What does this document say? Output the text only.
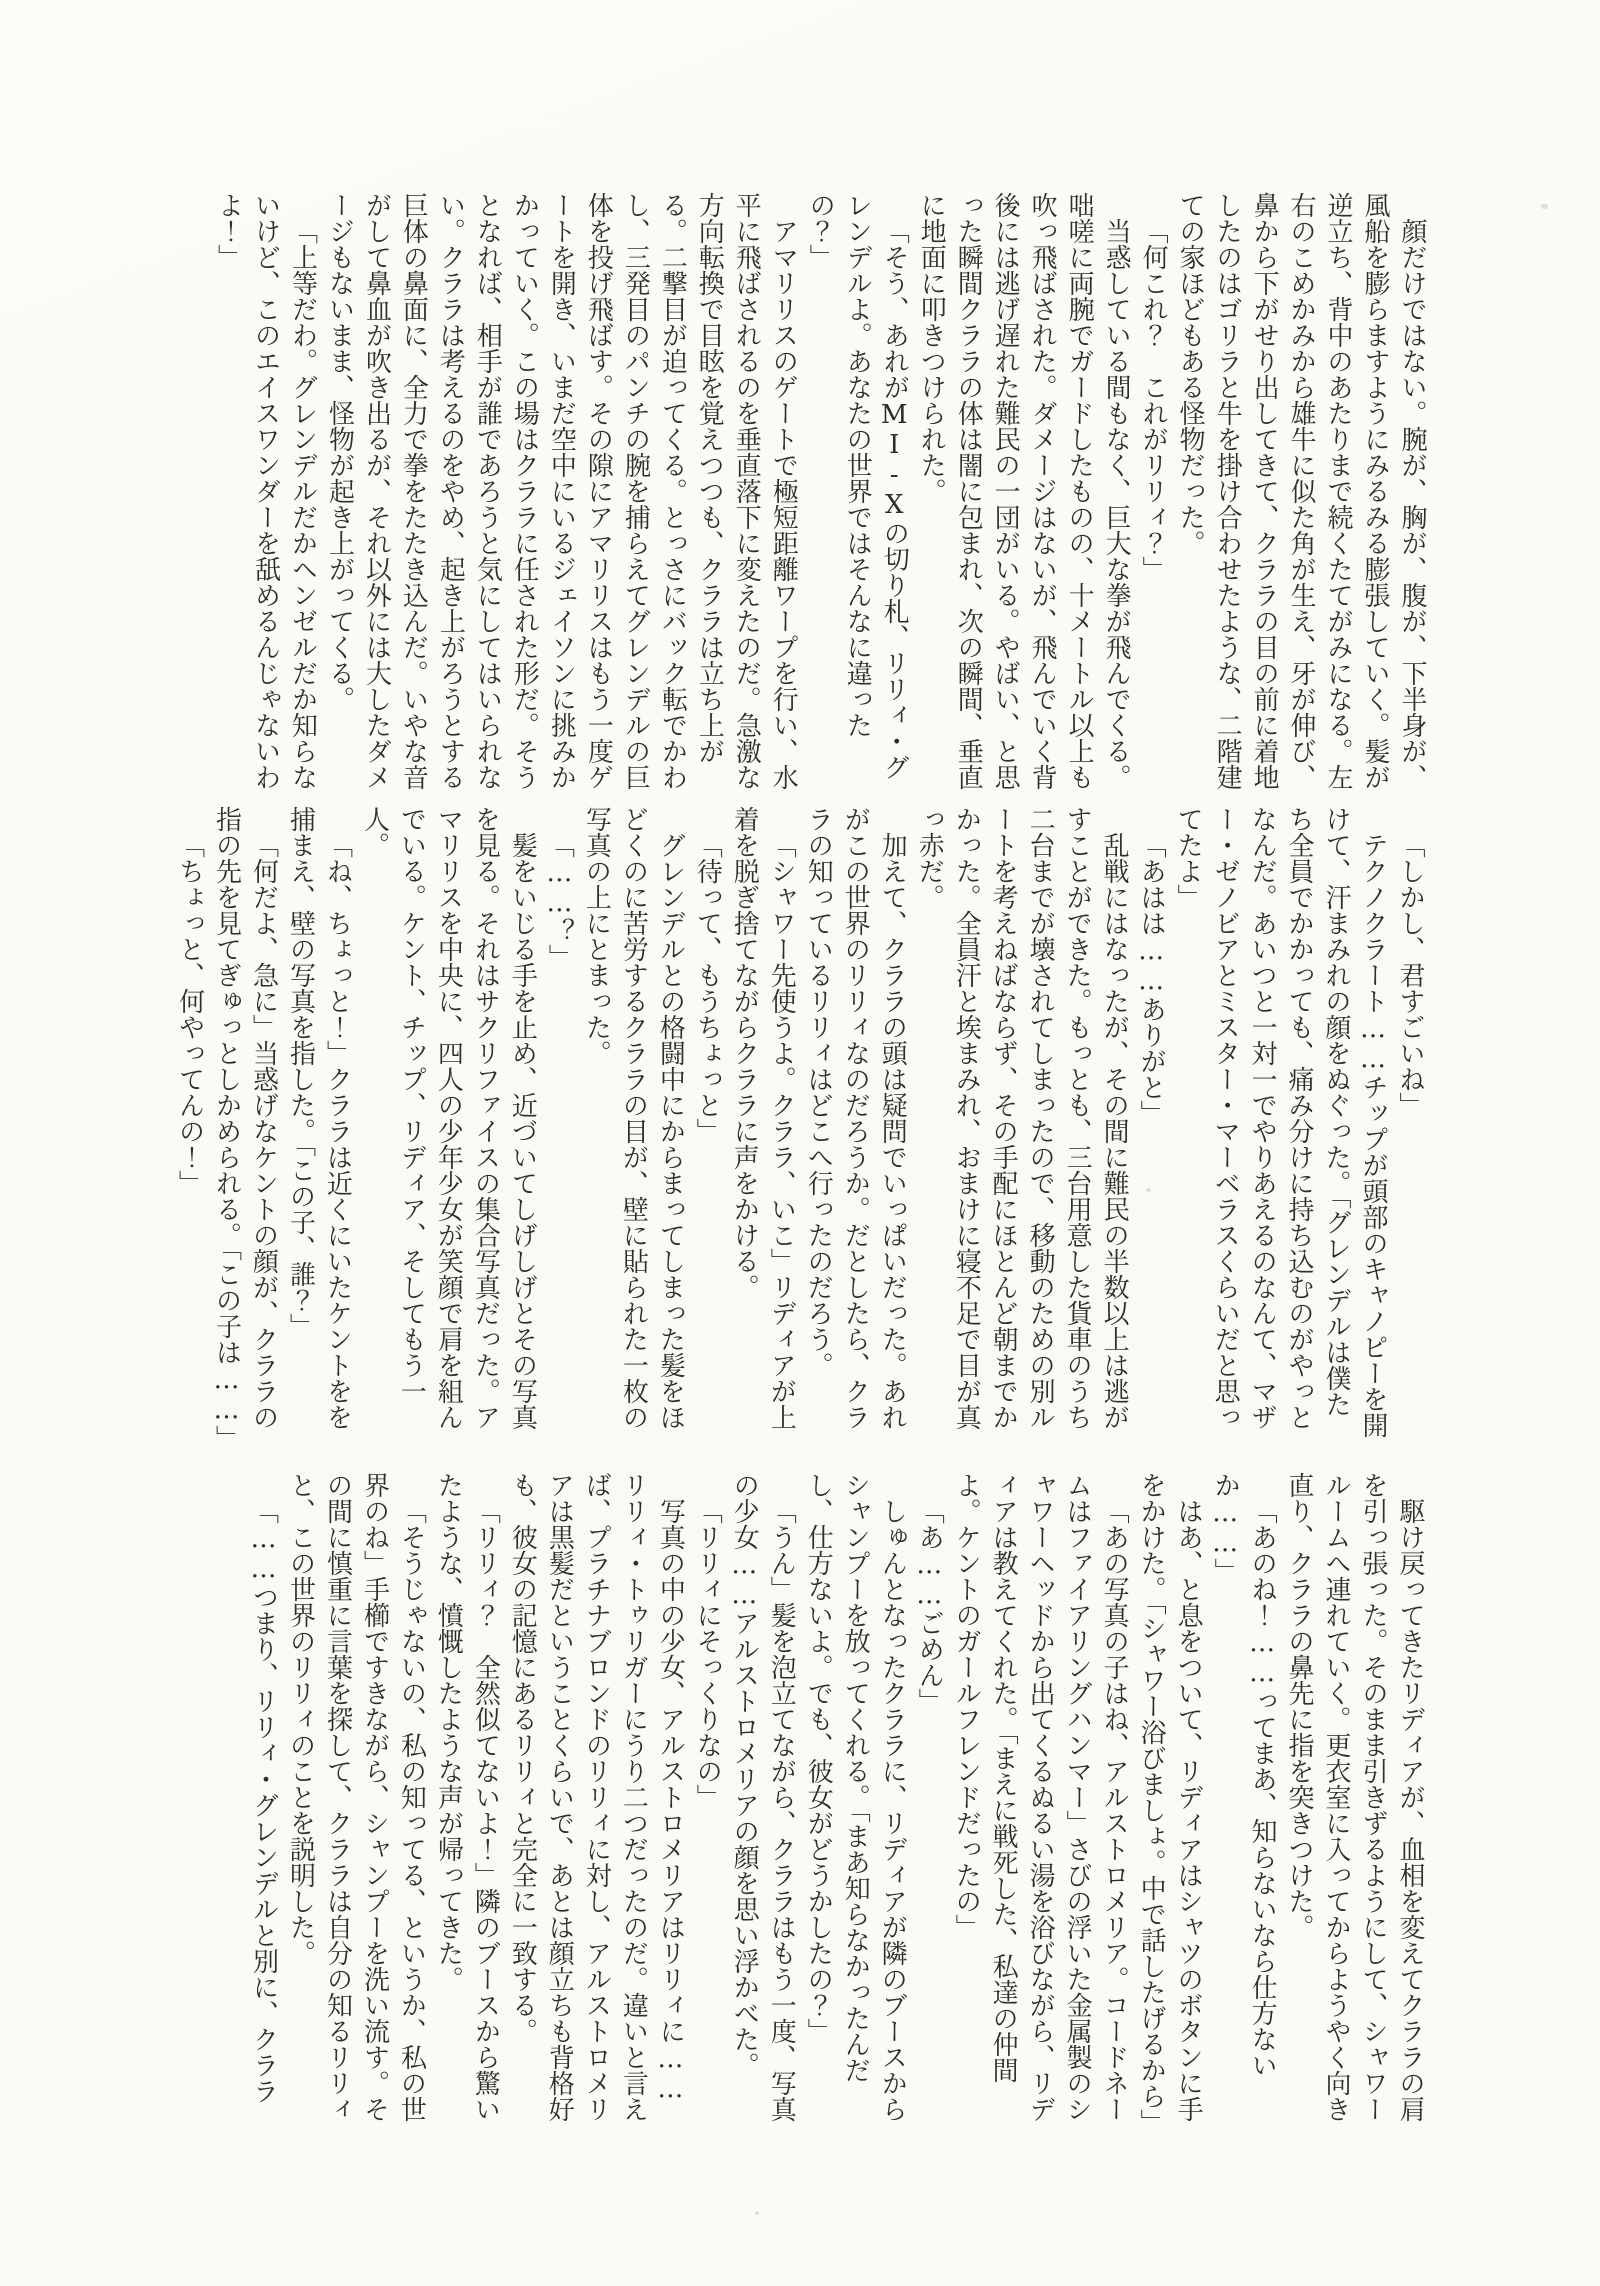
顔だけではない。腕が、胸が、腹が、下半身が、風船を膨らますようにみるみる膨張していく。髪が逆立ち、背中のあたりまで続くたてがみになる。左右のこめかみから雄牛に似た角が生え、牙が伸び、鼻から下がせり出してきて、クララの目の前に着地したのはゴリラと牛を掛け合わせたような、二階建ての家ほどもある怪物だった。

「何これ？　これがリリィ？」

当惑している間もなく、巨大な拳が飛んでくる。咄嗟に両腕でガードしたものの、十メートル以上も吹っ飛ばされた。ダメージはないが、飛んでいく背後には逃げ遅れた難民の一団がいる。やばい、と思った瞬間クララの体は闇に包まれ、次の瞬間、垂直に地面に叩きつけられた。

「そう、あれがMI‐Xの切り札、リリィ・グレンデルよ。あなたの世界ではそんなに違ったの？」

アマリリスのゲートで極短距離ワープを行い、水平に飛ばされるのを垂直落下に変えたのだ。急激な方向転換で目眩を覚えつつも、クララは立ち上がる。二撃目が迫ってくる。とっさにバック転でかわし、三発目のパンチの腕を捕らえてグレンデルの巨体を投げ飛ばす。その隙にアマリリスはもう一度ゲートを開き、いまだ空中にいるジェイソンに挑みかかっていく。この場はクララに任された形だ。そうとなれば、相手が誰であろうと気にしてはいられない。クララは考えるのをやめ、起き上がろうとする巨体の鼻面に、全力で拳をたたき込んだ。いやな音がして鼻血が吹き出るが、それ以外には大したダメージもないまま、怪物が起き上がってくる。

「上等だわ。グレンデルだかヘンゼルだか知らないけど、このエイスワンダーを舐めるんじゃないわよ！」

「しかし、君すごいね」

テクノクラート……チップが頭部のキャノピーを開けて、汗まみれの顔をぬぐった。「グレンデルは僕たち全員でかかっても、痛み分けに持ち込むのがやっとなんだ。あいつと一対一でやりあえるのなんて、マザー・ゼノビアとミスター・マーベラスくらいだと思ってたよ」

「あはは……ありがと」

乱戦にはなったが、その間に難民の半数以上は逃がすことができた。もっとも、三台用意した貨車のうち二台までが壊されてしまったので、移動のための別ルートを考えねばならず、その手配にほとんど朝までかかった。全員汗と埃まみれ、おまけに寝不足で目が真っ赤だ。

加えて、クララの頭は疑問でいっぱいだった。あれがこの世界のリリィなのだろうか。だとしたら、クララの知っているリリィはどこへ行ったのだろう。

「シャワー先使うよ。クララ、いこ」リディアが上着を脱ぎ捨てながらクララに声をかける。

「待って、もうちょっと」

グレンデルとの格闘中にからまってしまった髪をほどくのに苦労するクララの目が、壁に貼られた一枚の写真の上にとまった。

「……？」

髪をいじる手を止め、近づいてしげしげとその写真を見る。それはサクリファイスの集合写真だった。アマリリスを中央に、四人の少年少女が笑顔で肩を組んでいる。ケント、チップ、リディア、そしてもう一人。

「ね、ちょっと！」クララは近くにいたケントをを捕まえ、壁の写真を指した。「この子、誰？」

「何だよ、急に」当惑げなケントの顔が、クララの指の先を見てぎゅっとしかめられる。「この子は……」

「ちょっと、何やってんの！」

駆け戻ってきたリディアが、血相を変えてクララの肩を引っ張った。そのまま引きずるようにして、シャワールームへ連れていく。更衣室に入ってからようやく向き直り、クララの鼻先に指を突きつけた。

「あのね！……ってまあ、知らないなら仕方ないか……」

はあ、と息をついて、リディアはシャツのボタンに手をかけた。「シャワー浴びましょ。中で話したげるから」

「あの写真の子はね、アルストロメリア。コードネームはファイアリングハンマー」さびの浮いた金属製のシャワーヘッドから出てくるぬるい湯を浴びながら、リディアは教えてくれた。「まえに戦死した、私達の仲間よ。ケントのガールフレンドだったの」

「あ……ごめん」

しゅんとなったクララに、リディアが隣のブースからシャンプーを放ってくれる。「まあ知らなかったんだし、仕方ないよ。でも、彼女がどうかしたの？」

「うん」髪を泡立てながら、クララはもう一度、写真の少女……アルストロメリアの顔を思い浮かべた。

「リリィにそっくりなの」

写真の中の少女、アルストロメリアはリリィに……リリィ・トゥリガーにうり二つだったのだ。違いと言えば、プラチナブロンドのリリィに対し、アルストロメリアは黒髪だということくらいで、あとは顔立ちも背格好も、彼女の記憶にあるリリィと完全に一致する。

「リリィ？　全然似てないよ！」隣のブースから驚いたような、憤慨したような声が帰ってきた。

「そうじゃないの、私の知ってる、というか、私の世界のね」手櫛ですきながら、シャンプーを洗い流す。その間に慎重に言葉を探して、クララは自分の知るリリィと、この世界のリリィのことを説明した。

「……つまり、リリィ・グレンデルと別に、クララ
